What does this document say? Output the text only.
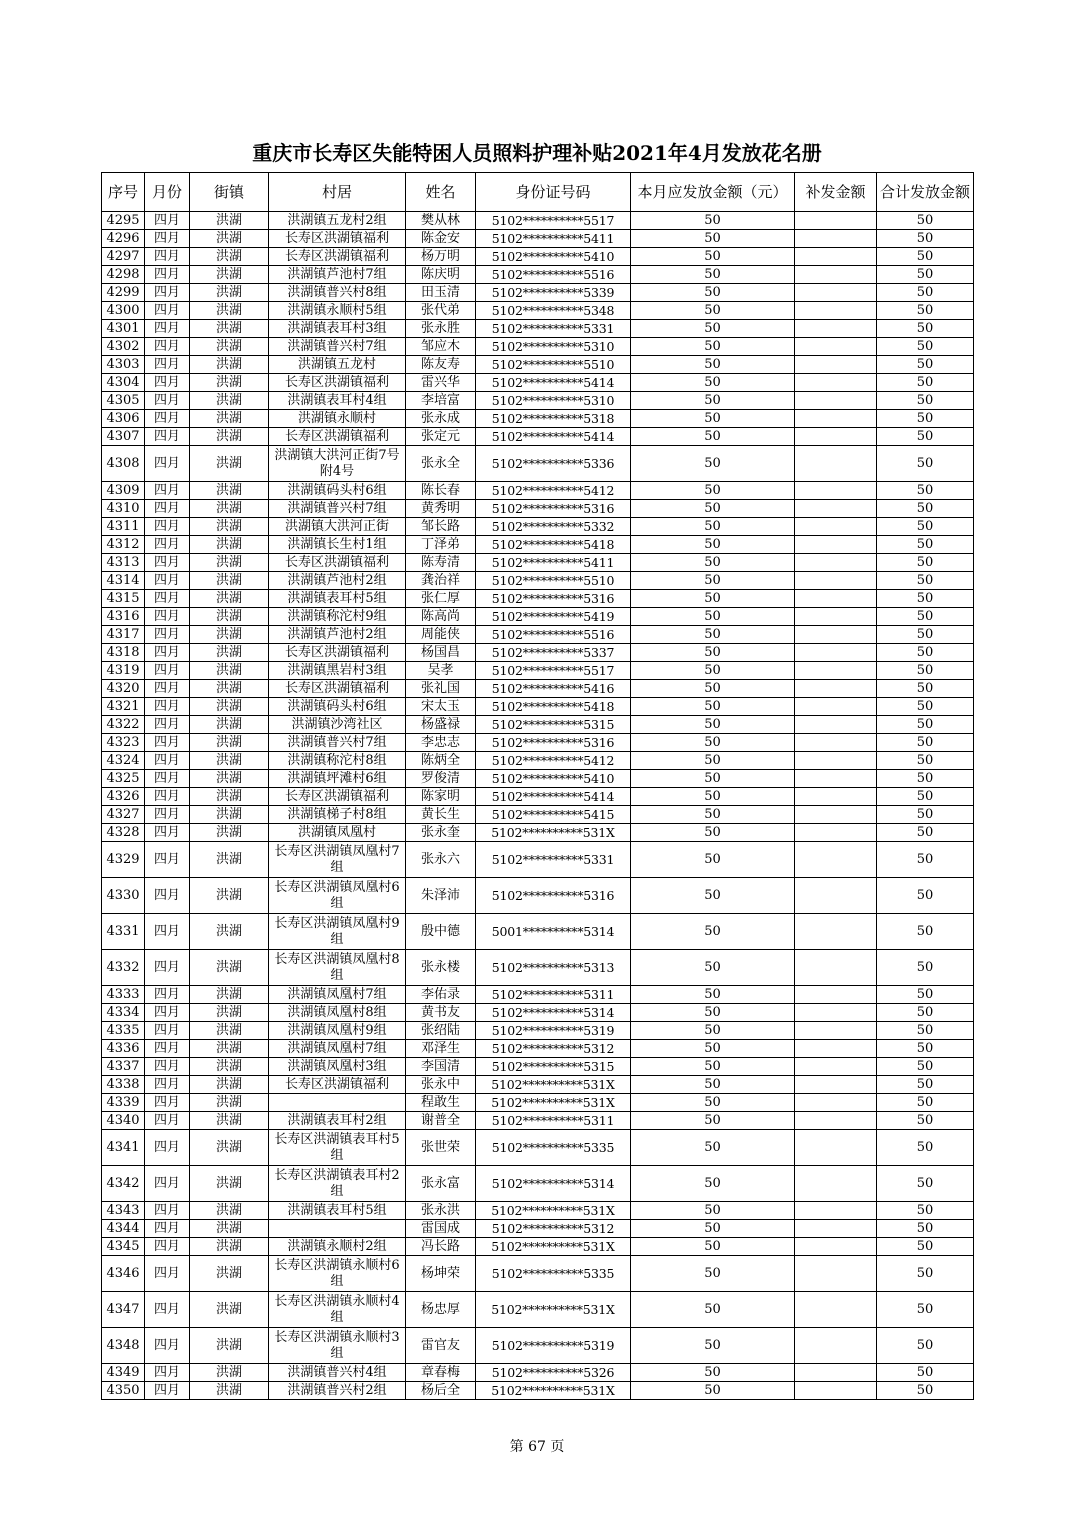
重庆市长寿区失能特困人员照料护理补贴2021年4月发放花名册
序号	月份	街镇	村居	姓名	身份证号码	本月应发放金额（元）	补发金额	合计发放金额
4295	四月	洪湖	洪湖镇五龙村2组	樊从林	5102**********5517	50		50
4296	四月	洪湖	长寿区洪湖镇福利	陈金安	5102**********5411	50		50
4297	四月	洪湖	长寿区洪湖镇福利	杨万明	5102**********5410	50		50
4298	四月	洪湖	洪湖镇芦池村7组	陈庆明	5102**********5516	50		50
4299	四月	洪湖	洪湖镇普兴村8组	田玉清	5102**********5339	50		50
4300	四月	洪湖	洪湖镇永顺村5组	张代弟	5102**********5348	50		50
4301	四月	洪湖	洪湖镇表耳村3组	张永胜	5102**********5331	50		50
4302	四月	洪湖	洪湖镇普兴村7组	邹应木	5102**********5310	50		50
4303	四月	洪湖	洪湖镇五龙村	陈友寿	5102**********5510	50		50
4304	四月	洪湖	长寿区洪湖镇福利	雷兴华	5102**********5414	50		50
4305	四月	洪湖	洪湖镇表耳村4组	李培富	5102**********5310	50		50
4306	四月	洪湖	洪湖镇永顺村	张永成	5102**********5318	50		50
4307	四月	洪湖	长寿区洪湖镇福利	张定元	5102**********5414	50		50
4308	四月	洪湖	洪湖镇大洪河正街7号附4号	张永全	5102**********5336	50		50
4309	四月	洪湖	洪湖镇码头村6组	陈长春	5102**********5412	50		50
4310	四月	洪湖	洪湖镇普兴村7组	黄秀明	5102**********5316	50		50
4311	四月	洪湖	洪湖镇大洪河正街	邹长路	5102**********5332	50		50
4312	四月	洪湖	洪湖镇长生村1组	丁泽弟	5102**********5418	50		50
4313	四月	洪湖	长寿区洪湖镇福利	陈寿清	5102**********5411	50		50
4314	四月	洪湖	洪湖镇芦池村2组	龚治祥	5102**********5510	50		50
4315	四月	洪湖	洪湖镇表耳村5组	张仁厚	5102**********5316	50		50
4316	四月	洪湖	洪湖镇称沱村9组	陈高尚	5102**********5419	50		50
4317	四月	洪湖	洪湖镇芦池村2组	周能侠	5102**********5516	50		50
4318	四月	洪湖	长寿区洪湖镇福利	杨国昌	5102**********5337	50		50
4319	四月	洪湖	洪湖镇黑岩村3组	吴孝	5102**********5517	50		50
4320	四月	洪湖	长寿区洪湖镇福利	张礼国	5102**********5416	50		50
4321	四月	洪湖	洪湖镇码头村6组	宋太玉	5102**********5418	50		50
4322	四月	洪湖	洪湖镇沙湾社区	杨盛禄	5102**********5315	50		50
4323	四月	洪湖	洪湖镇普兴村7组	李忠志	5102**********5316	50		50
4324	四月	洪湖	洪湖镇称沱村8组	陈炳全	5102**********5412	50		50
4325	四月	洪湖	洪湖镇坪滩村6组	罗俊清	5102**********5410	50		50
4326	四月	洪湖	长寿区洪湖镇福利	陈家明	5102**********5414	50		50
4327	四月	洪湖	洪湖镇梯子村8组	黄长生	5102**********5415	50		50
4328	四月	洪湖	洪湖镇凤凰村	张永奎	5102**********531X	50		50
4329	四月	洪湖	长寿区洪湖镇凤凰村7组	张永六	5102**********5331	50		50
4330	四月	洪湖	长寿区洪湖镇凤凰村6组	朱泽沛	5102**********5316	50		50
4331	四月	洪湖	长寿区洪湖镇凤凰村9组	殷中德	5001**********5314	50		50
4332	四月	洪湖	长寿区洪湖镇凤凰村8组	张永楼	5102**********5313	50		50
4333	四月	洪湖	洪湖镇凤凰村7组	李佑录	5102**********5311	50		50
4334	四月	洪湖	洪湖镇凤凰村8组	黄书友	5102**********5314	50		50
4335	四月	洪湖	洪湖镇凤凰村9组	张绍陆	5102**********5319	50		50
4336	四月	洪湖	洪湖镇凤凰村7组	邓泽生	5102**********5312	50		50
4337	四月	洪湖	洪湖镇凤凰村3组	李国清	5102**********5315	50		50
4338	四月	洪湖	长寿区洪湖镇福利	张永中	5102**********531X	50		50
4339	四月	洪湖		程敢生	5102**********531X	50		50
4340	四月	洪湖	洪湖镇表耳村2组	谢普全	5102**********5311	50		50
4341	四月	洪湖	长寿区洪湖镇表耳村5组	张世荣	5102**********5335	50		50
4342	四月	洪湖	长寿区洪湖镇表耳村2组	张永富	5102**********5314	50		50
4343	四月	洪湖	洪湖镇表耳村5组	张永洪	5102**********531X	50		50
4344	四月	洪湖		雷国成	5102**********5312	50		50
4345	四月	洪湖	洪湖镇永顺村2组	冯长路	5102**********531X	50		50
4346	四月	洪湖	长寿区洪湖镇永顺村6组	杨坤荣	5102**********5335	50		50
4347	四月	洪湖	长寿区洪湖镇永顺村4组	杨忠厚	5102**********531X	50		50
4348	四月	洪湖	长寿区洪湖镇永顺村3组	雷官友	5102**********5319	50		50
4349	四月	洪湖	洪湖镇普兴村4组	章春梅	5102**********5326	50		50
4350	四月	洪湖	洪湖镇普兴村2组	杨后全	5102**********531X	50		50
第 67 页
